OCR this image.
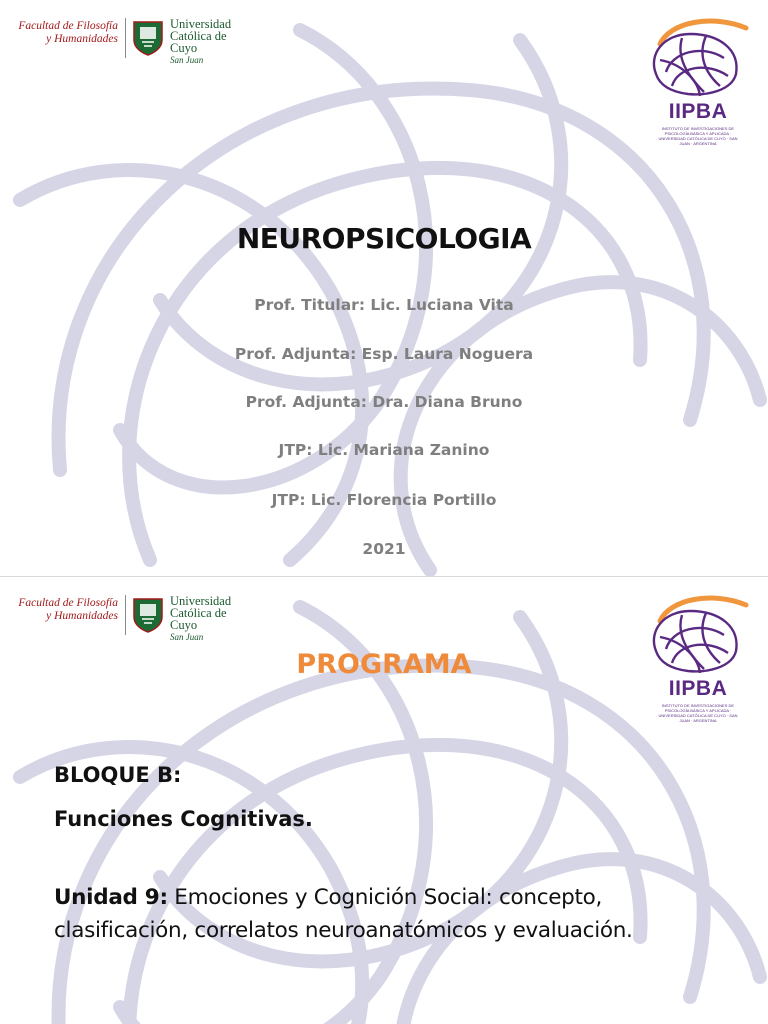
Facultad de Filosofía
y Humanidades
Universidad
Católica de Cuyo
San Juan
IIPBA
INSTITUTO DE INVESTIGACIONES DE PSICOLOGÍA BÁSICA Y APLICADA · UNIVERSIDAD CATÓLICA DE CUYO · SAN JUAN · ARGENTINA
NEUROPSICOLOGIA
Prof. Titular: Lic. Luciana Vita
Prof. Adjunta: Esp. Laura Noguera
Prof. Adjunta: Dra. Diana Bruno
JTP: Lic. Mariana Zanino
JTP: Lic. Florencia Portillo
2021
Facultad de Filosofía
y Humanidades
Universidad
Católica de Cuyo
San Juan
IIPBA
INSTITUTO DE INVESTIGACIONES DE PSICOLOGÍA BÁSICA Y APLICADA · UNIVERSIDAD CATÓLICA DE CUYO · SAN JUAN · ARGENTINA
PROGRAMA
BLOQUE B:
Funciones Cognitivas.
Unidad 9: Emociones y Cognición Social: concepto, clasificación, correlatos neuroanatómicos y evaluación.
